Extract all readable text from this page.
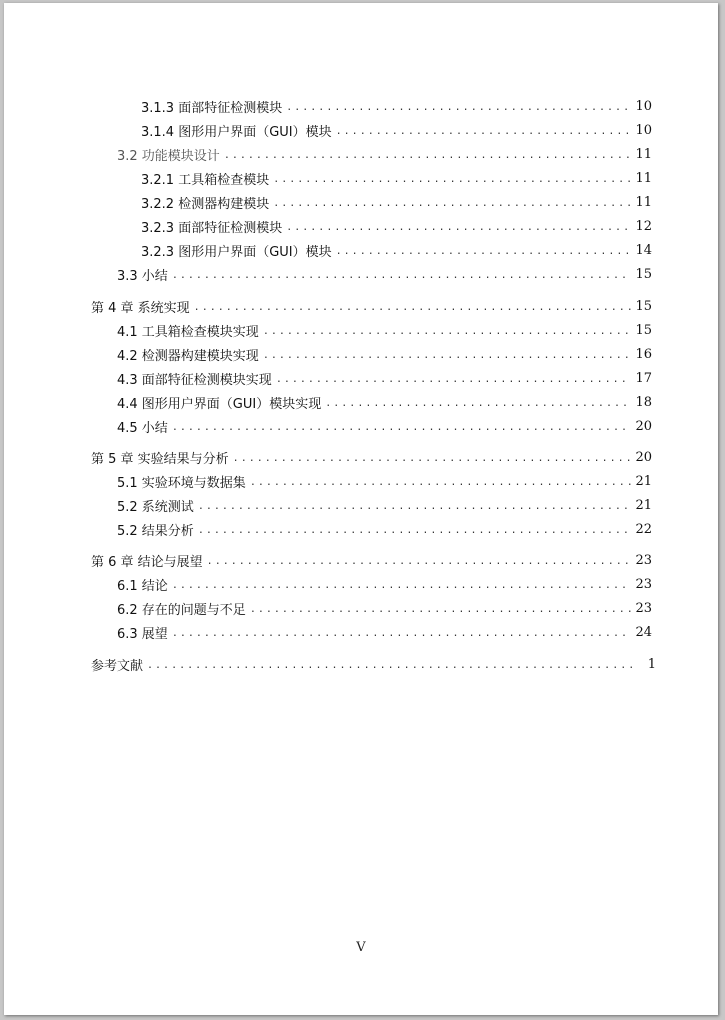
3.1.3 面部特征检测模块 .....	10
3.1.4 图形用户界面（GUI）模块 .....	10
3.2 功能模块设计 .....	11
3.2.1 工具箱检查模块 .....	11
3.2.2 检测器构建模块 .....	11
3.2.3 面部特征检测模块 .....	12
3.2.3 图形用户界面（GUI）模块 .....	14
3.3 小结 .....	15
第 4 章 系统实现 .....	15
4.1 工具箱检查模块实现 .....	15
4.2 检测器构建模块实现 .....	16
4.3 面部特征检测模块实现 .....	17
4.4 图形用户界面（GUI）模块实现 .....	18
4.5 小结 .....	20
第 5 章 实验结果与分析 .....	20
5.1 实验环境与数据集 .....	21
5.2 系统测试 .....	21
5.2 结果分析 .....	22
第 6 章 结论与展望 .....	23
6.1 结论 .....	23
6.2 存在的问题与不足 .....	23
6.3 展望 .....	24
参考文献 .....	1
V
